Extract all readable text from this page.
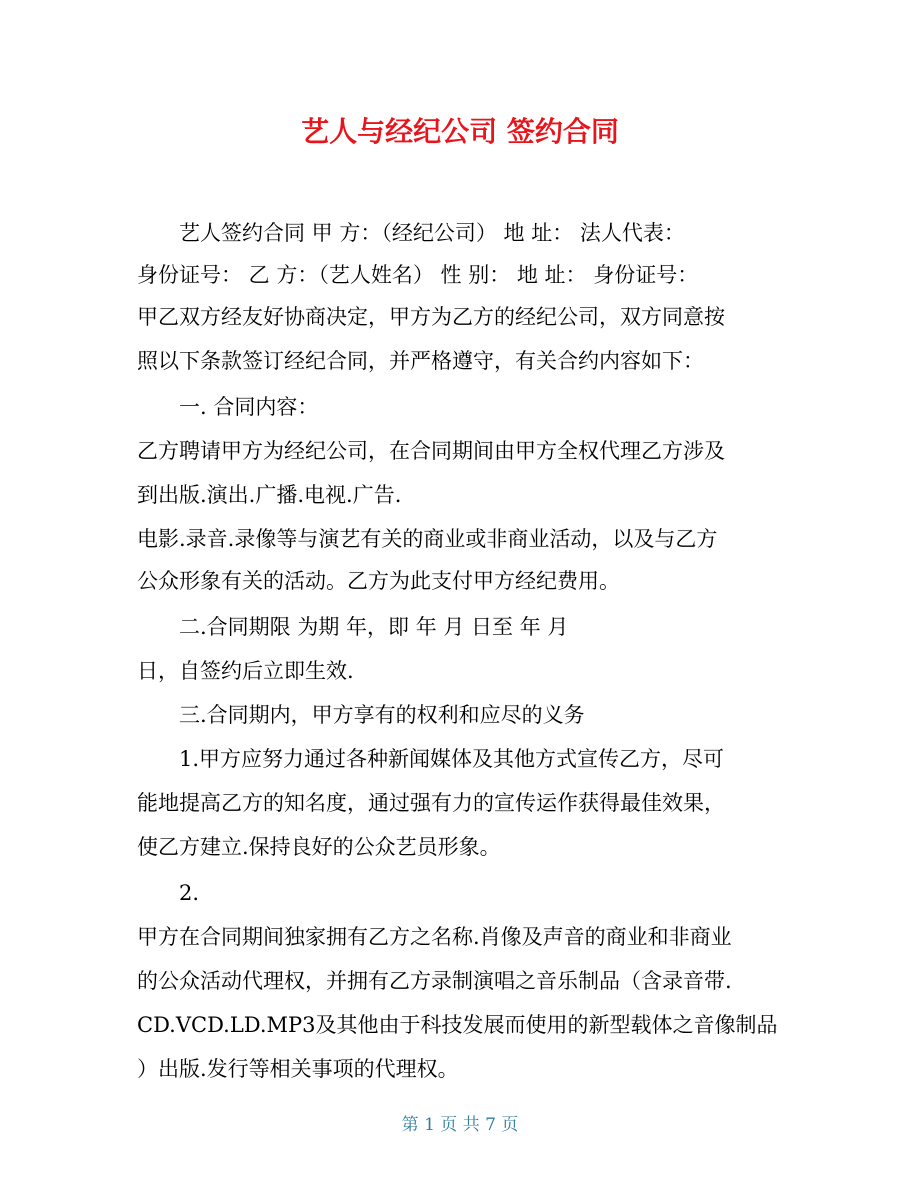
艺人与经纪公司 签约合同

艺人签约合同 甲 方：（经纪公司） 地 址： 法人代表：

身份证号： 乙 方：（艺人姓名） 性 别： 地 址： 身份证号：

甲乙双方经友好协商决定，甲方为乙方的经纪公司，双方同意按

照以下条款签订经纪合同，并严格遵守，有关合约内容如下：

一. 合同内容：

乙方聘请甲方为经纪公司，在合同期间由甲方全权代理乙方涉及

到出版.演出.广播.电视.广告.

电影.录音.录像等与演艺有关的商业或非商业活动，以及与乙方

公众形象有关的活动。乙方为此支付甲方经纪费用。

二.合同期限 为期 年，即 年 月 日至 年 月

日，自签约后立即生效.

三.合同期内，甲方享有的权利和应尽的义务

1.甲方应努力通过各种新闻媒体及其他方式宣传乙方，尽可

能地提高乙方的知名度，通过强有力的宣传运作获得最佳效果，

使乙方建立.保持良好的公众艺员形象。

2.

甲方在合同期间独家拥有乙方之名称.肖像及声音的商业和非商业

的公众活动代理权，并拥有乙方录制演唱之音乐制品（含录音带.

CD.VCD.LD.MP3及其他由于科技发展而使用的新型载体之音像制品

）出版.发行等相关事项的代理权。

第 1 页 共 7 页
